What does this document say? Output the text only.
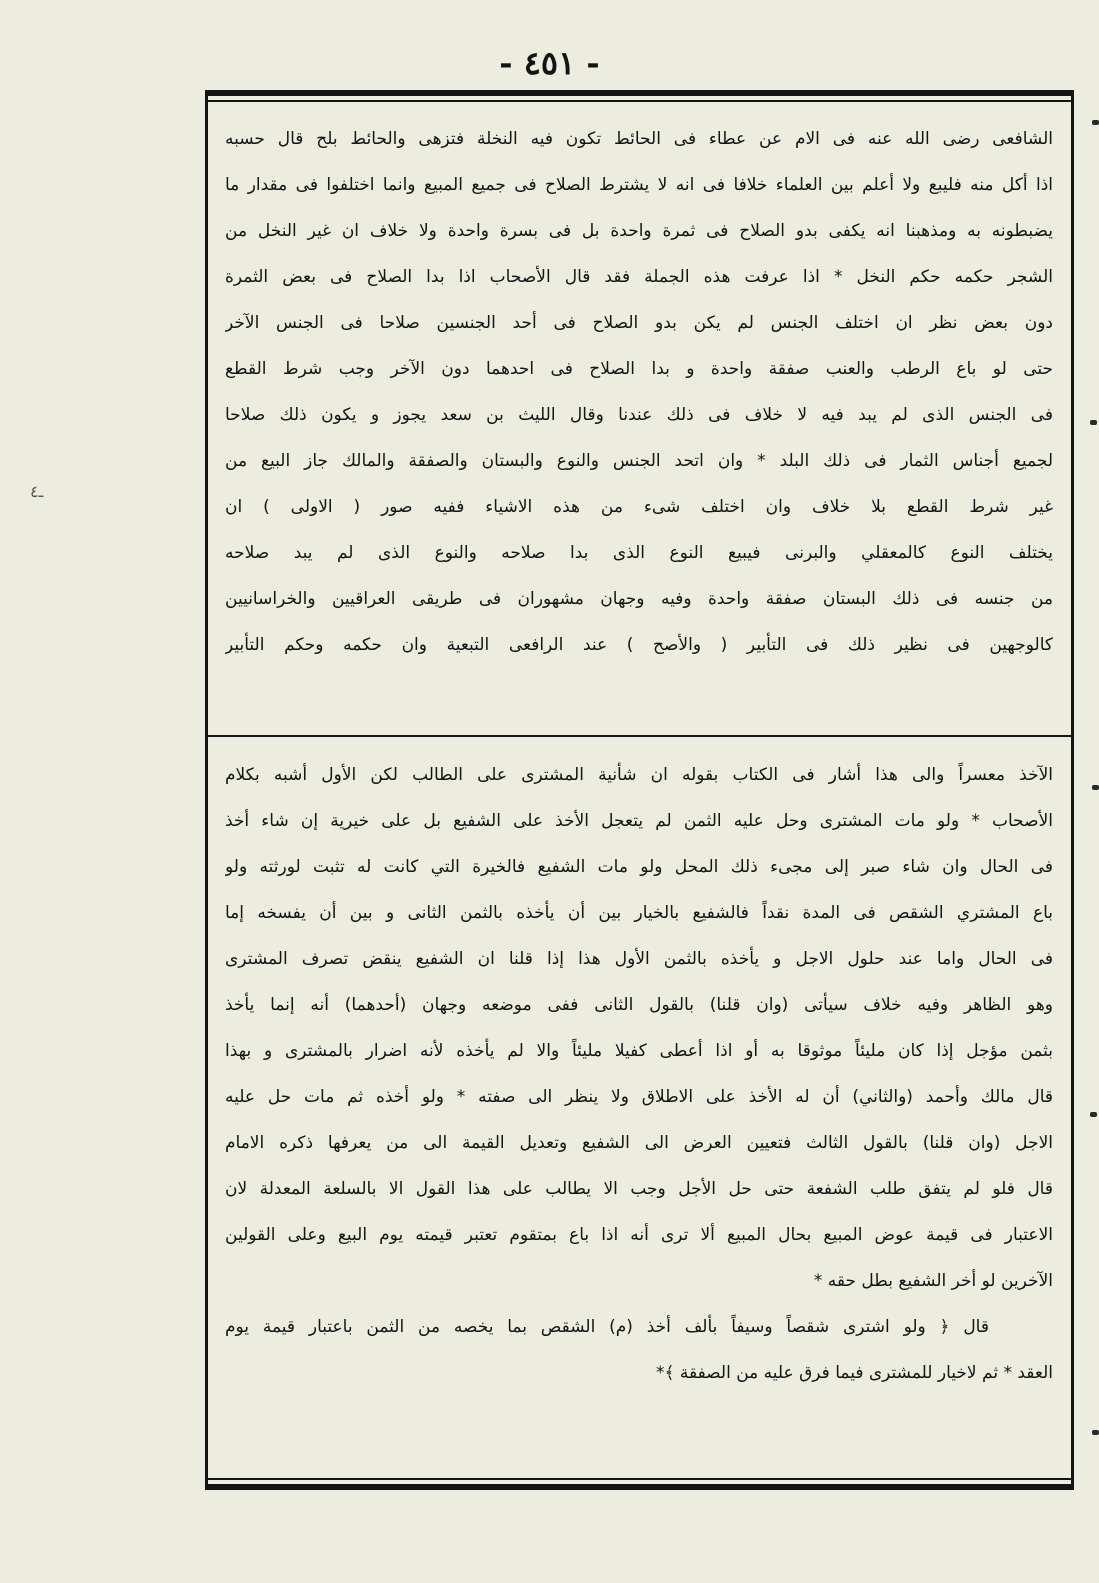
- ٤٥١ -
ـ٤
الشافعى رضى الله عنه فى الام عن عطاء فى الحائط تكون فيه النخلة فتزهى والحائط بلح قال حسبه
اذا أكل منه فليبع ولا أعلم بين العلماء خلافا فى انه لا يشترط الصلاح فى جميع المبيع وانما اختلفوا فى مقدار ما
يضبطونه به ومذهبنا انه يكفى بدو الصلاح فى ثمرة واحدة بل فى بسرة واحدة ولا خلاف ان غير النخل من
الشجر حكمه حكم النخل * اذا عرفت هذه الجملة فقد قال الأصحاب اذا بدا الصلاح فى بعض الثمرة
دون بعض نظر ان اختلف الجنس لم يكن بدو الصلاح فى أحد الجنسين صلاحا فى الجنس الآخر
حتى لو باع الرطب والعنب صفقة واحدة و بدا الصلاح فى احدهما دون الآخر وجب شرط القطع
فى الجنس الذى لم يبد فيه لا خلاف فى ذلك عندنا وقال الليث بن سعد يجوز و يكون ذلك صلاحا
لجميع أجناس الثمار فى ذلك البلد * وان اتحد الجنس والنوع والبستان والصفقة والمالك جاز البيع من
غير شرط القطع بلا خلاف وان اختلف شىء من هذه الاشياء ففيه صور ( الاولى ) ان
يختلف النوع كالمعقلي والبرنى فيبيع النوع الذى بدا صلاحه والنوع الذى لم يبد صلاحه
من جنسه فى ذلك البستان صفقة واحدة وفيه وجهان مشهوران فى طريقى العراقيين والخراسانيين
كالوجهين فى نظير ذلك فى التأبير ( والأصح ) عند الرافعى التبعية وان حكمه وحكم التأبير
الآخذ معسراً والى هذا أشار فى الكتاب بقوله ان شأنية المشترى على الطالب لكن الأول أشبه بكلام
الأصحاب * ولو مات المشترى وحل عليه الثمن لم يتعجل الأخذ على الشفيع بل على خيرية إن شاء أخذ
فى الحال وان شاء صبر إلى مجىء ذلك المحل ولو مات الشفيع فالخيرة التي كانت له تثبت لورثته ولو
باع المشتري الشقص فى المدة نقداً فالشفيع بالخيار بين أن يأخذه بالثمن الثانى و بين أن يفسخه إما
فى الحال واما عند حلول الاجل و يأخذه بالثمن الأول هذا إذا قلنا ان الشفيع ينقض تصرف المشترى
وهو الظاهر وفيه خلاف سيأتى (وان قلنا) بالقول الثانى ففى موضعه وجهان (أحدهما) أنه إنما يأخذ
بثمن مؤجل إذا كان مليئاً موثوقا به أو اذا أعطى كفيلا مليئاً والا لم يأخذه لأنه اضرار بالمشترى و بهذا
قال مالك وأحمد (والثاني) أن له الأخذ على الاطلاق ولا ينظر الى صفته * ولو أخذه ثم مات حل عليه
الاجل (وان قلنا) بالقول الثالث فتعيين العرض الى الشفيع وتعديل القيمة الى من يعرفها ذكره الامام
قال فلو لم يتفق طلب الشفعة حتى حل الأجل وجب الا يطالب على هذا القول الا بالسلعة المعدلة لان
الاعتبار فى قيمة عوض المبيع بحال المبيع ألا ترى أنه اذا باع بمتقوم تعتبر قيمته يوم البيع وعلى القولين
الآخرين لو أخر الشفيع بطل حقه *
قال ﴿ ولو اشترى شقصاً وسيفاً بألف أخذ (م) الشقص بما يخصه من الثمن باعتبار قيمة يوم
العقد * ثم لاخيار للمشترى فيما فرق عليه من الصفقة ﴾*
